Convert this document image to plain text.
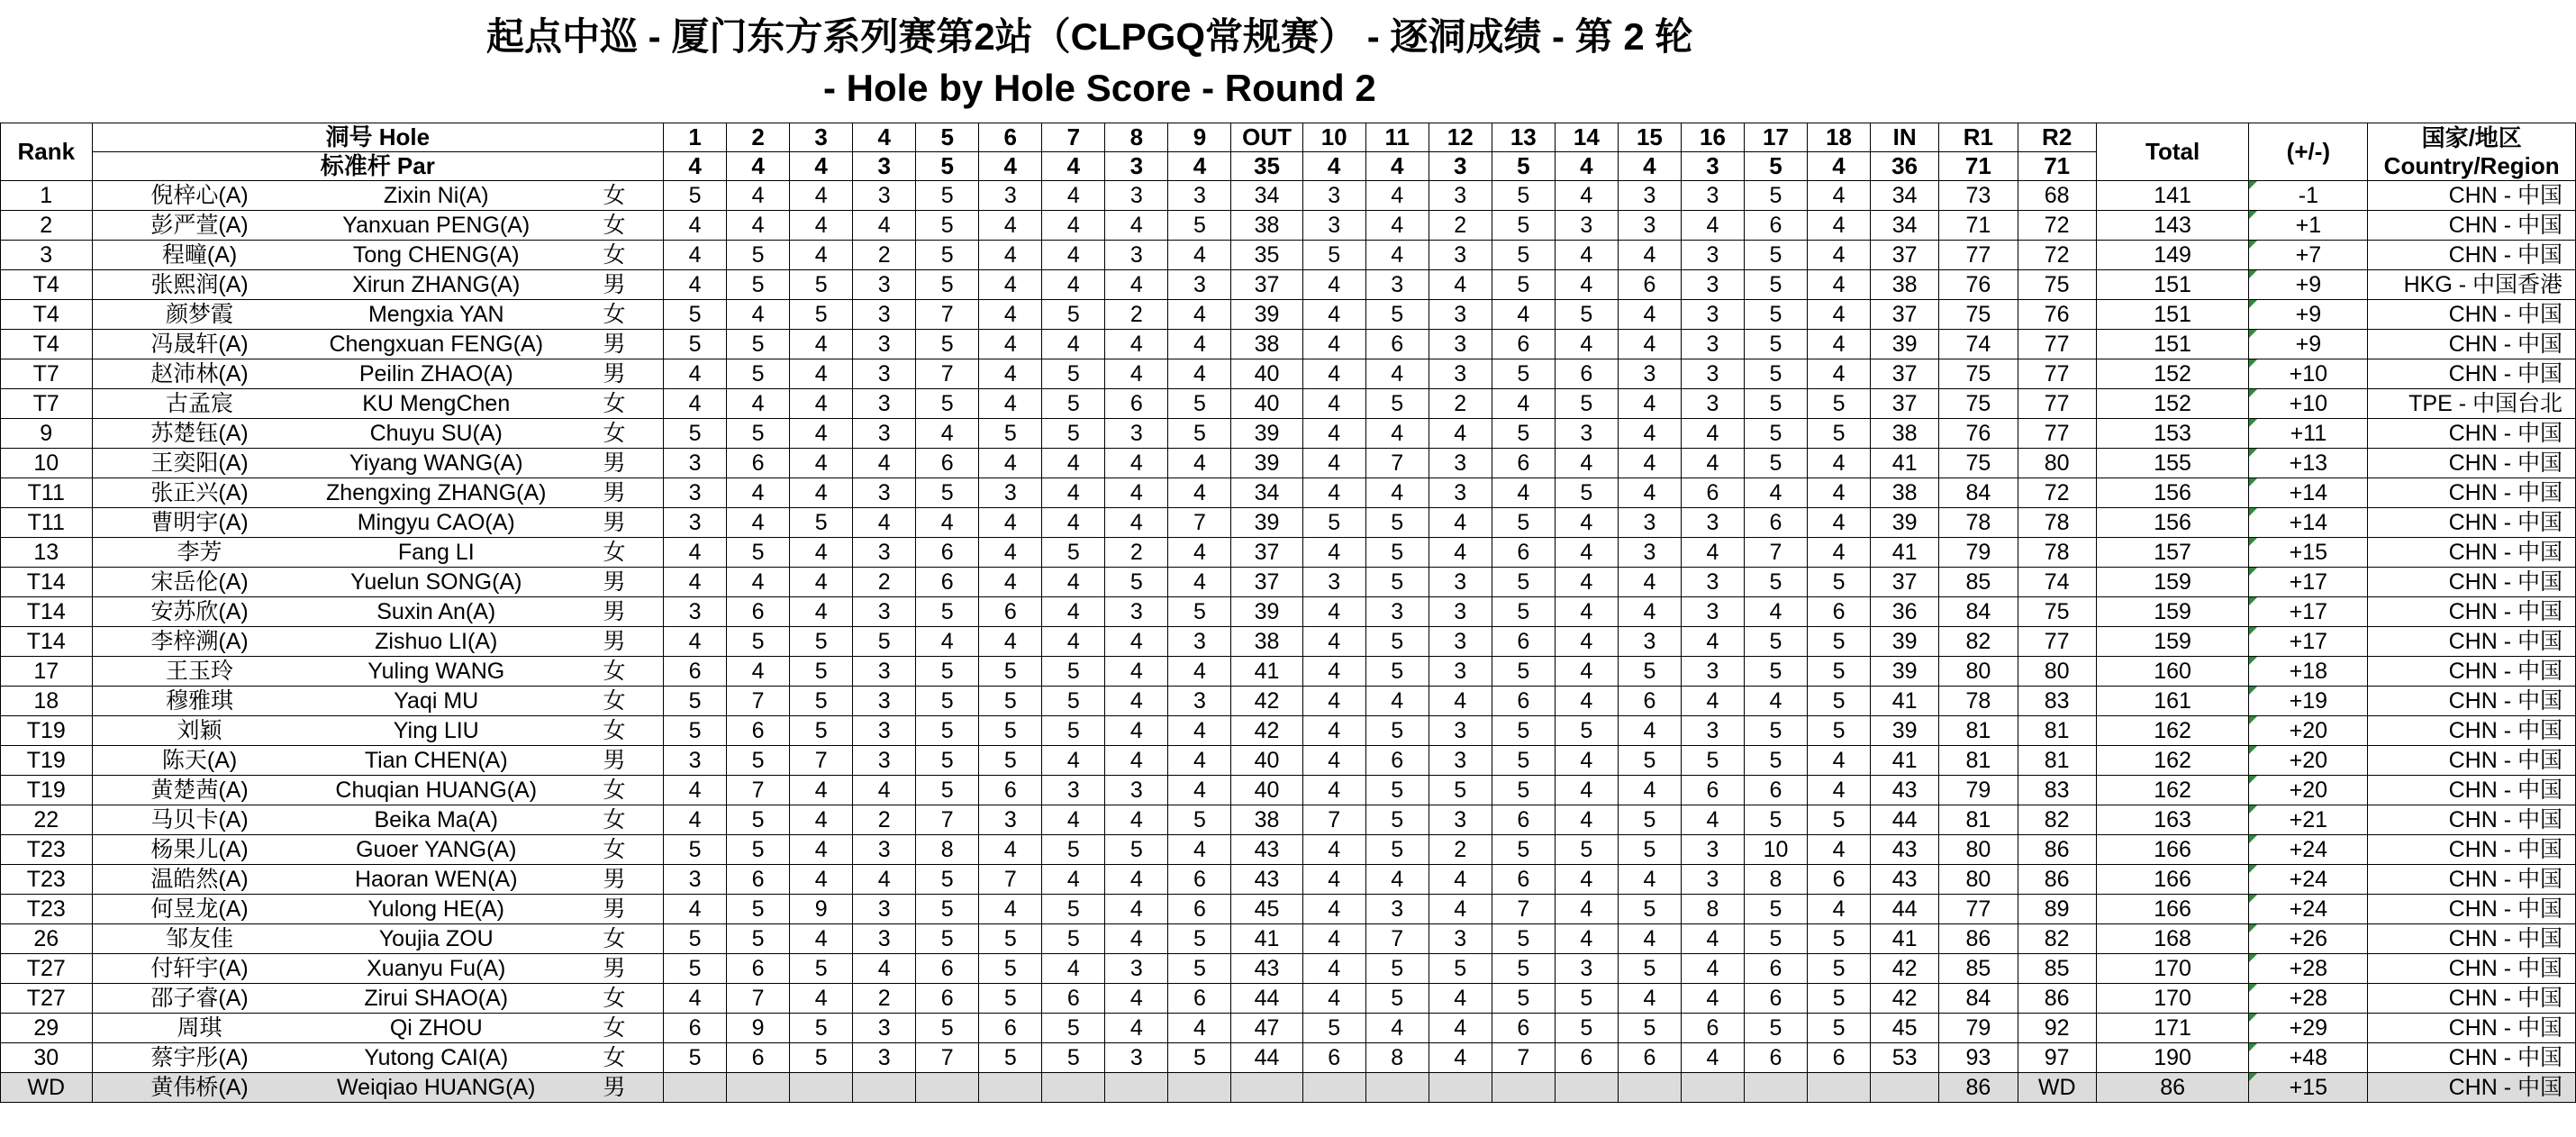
起点中巡 - 厦门东方系列赛第2站（CLPGQ常规赛） - 逐洞成绩 - 第 2 轮
- Hole by Hole Score - Round 2
Rank	洞号 Hole			1	2	3	4	5	6	7	8	9	OUT	10	11	12	13	14	15	16	17	18	IN	R1	R2	Total	(+/-)	国家/地区
Country/Region

	标准杆 Par			4	4	4	3	5	4	4	3	4	35	4	4	3	5	4	4	3	5	4	36	71	71			
1	倪梓心(A)	Zixin Ni(A)	女	5	4	4	3	5	3	4	3	3	34	3	4	3	5	4	3	3	5	4	34	73	68	141	-1	CHN - 中国
2	彭严萱(A)	Yanxuan PENG(A)	女	4	4	4	4	5	4	4	4	5	38	3	4	2	5	3	3	4	6	4	34	71	72	143	+1	CHN - 中国
3	程疃(A)	Tong CHENG(A)	女	4	5	4	2	5	4	4	3	4	35	5	4	3	5	4	4	3	5	4	37	77	72	149	+7	CHN - 中国
T4	张熙润(A)	Xirun ZHANG(A)	男	4	5	5	3	5	4	4	4	3	37	4	3	4	5	4	6	3	5	4	38	76	75	151	+9	HKG - 中国香港
T4	颜梦霞	Mengxia YAN	女	5	4	5	3	7	4	5	2	4	39	4	5	3	4	5	4	3	5	4	37	75	76	151	+9	CHN - 中国
T4	冯晟轩(A)	Chengxuan FENG(A)	男	5	5	4	3	5	4	4	4	4	38	4	6	3	6	4	4	3	5	4	39	74	77	151	+9	CHN - 中国
T7	赵沛林(A)	Peilin ZHAO(A)	男	4	5	4	3	7	4	5	4	4	40	4	4	3	5	6	3	3	5	4	37	75	77	152	+10	CHN - 中国
T7	古孟宸	KU MengChen	女	4	4	4	3	5	4	5	6	5	40	4	5	2	4	5	4	3	5	5	37	75	77	152	+10	TPE - 中国台北
9	苏楚钰(A)	Chuyu SU(A)	女	5	5	4	3	4	5	5	3	5	39	4	4	4	5	3	4	4	5	5	38	76	77	153	+11	CHN - 中国
10	王奕阳(A)	Yiyang WANG(A)	男	3	6	4	4	6	4	4	4	4	39	4	7	3	6	4	4	4	5	4	41	75	80	155	+13	CHN - 中国
T11	张正兴(A)	Zhengxing ZHANG(A)	男	3	4	4	3	5	3	4	4	4	34	4	4	3	4	5	4	6	4	4	38	84	72	156	+14	CHN - 中国
T11	曹明宇(A)	Mingyu CAO(A)	男	3	4	5	4	4	4	4	4	7	39	5	5	4	5	4	3	3	6	4	39	78	78	156	+14	CHN - 中国
13	李芳	Fang LI	女	4	5	4	3	6	4	5	2	4	37	4	5	4	6	4	3	4	7	4	41	79	78	157	+15	CHN - 中国
T14	宋岳伦(A)	Yuelun SONG(A)	男	4	4	4	2	6	4	4	5	4	37	3	5	3	5	4	4	3	5	5	37	85	74	159	+17	CHN - 中国
T14	安苏欣(A)	Suxin An(A)	男	3	6	4	3	5	6	4	3	5	39	4	3	3	5	4	4	3	4	6	36	84	75	159	+17	CHN - 中国
T14	李梓溯(A)	Zishuo LI(A)	男	4	5	5	5	4	4	4	4	3	38	4	5	3	6	4	3	4	5	5	39	82	77	159	+17	CHN - 中国
17	王玉玲	Yuling WANG	女	6	4	5	3	5	5	5	4	4	41	4	5	3	5	4	5	3	5	5	39	80	80	160	+18	CHN - 中国
18	穆雅琪	Yaqi MU	女	5	7	5	3	5	5	5	4	3	42	4	4	4	6	4	6	4	4	5	41	78	83	161	+19	CHN - 中国
T19	刘颖	Ying LIU	女	5	6	5	3	5	5	5	4	4	42	4	5	3	5	5	4	3	5	5	39	81	81	162	+20	CHN - 中国
T19	陈天(A)	Tian CHEN(A)	男	3	5	7	3	5	5	4	4	4	40	4	6	3	5	4	5	5	5	4	41	81	81	162	+20	CHN - 中国
T19	黄楚茜(A)	Chuqian HUANG(A)	女	4	7	4	4	5	6	3	3	4	40	4	5	5	5	4	4	6	6	4	43	79	83	162	+20	CHN - 中国
22	马贝卡(A)	Beika Ma(A)	女	4	5	4	2	7	3	4	4	5	38	7	5	3	6	4	5	4	5	5	44	81	82	163	+21	CHN - 中国
T23	杨果儿(A)	Guoer YANG(A)	女	5	5	4	3	8	4	5	5	4	43	4	5	2	5	5	5	3	10	4	43	80	86	166	+24	CHN - 中国
T23	温皓然(A)	Haoran WEN(A)	男	3	6	4	4	5	7	4	4	6	43	4	4	4	6	4	4	3	8	6	43	80	86	166	+24	CHN - 中国
T23	何昱龙(A)	Yulong HE(A)	男	4	5	9	3	5	4	5	4	6	45	4	3	4	7	4	5	8	5	4	44	77	89	166	+24	CHN - 中国
26	邹友佳	Youjia ZOU	女	5	5	4	3	5	5	5	4	5	41	4	7	3	5	4	4	4	5	5	41	86	82	168	+26	CHN - 中国
T27	付轩宇(A)	Xuanyu Fu(A)	男	5	6	5	4	6	5	4	3	5	43	4	5	5	5	3	5	4	6	5	42	85	85	170	+28	CHN - 中国
T27	邵子睿(A)	Zirui SHAO(A)	女	4	7	4	2	6	5	6	4	6	44	4	5	4	5	5	4	4	6	5	42	84	86	170	+28	CHN - 中国
29	周琪	Qi ZHOU	女	6	9	5	3	5	6	5	4	4	47	5	4	4	6	5	5	6	5	5	45	79	92	171	+29	CHN - 中国
30	蔡宇彤(A)	Yutong CAI(A)	女	5	6	5	3	7	5	5	3	5	44	6	8	4	7	6	6	4	6	6	53	93	97	190	+48	CHN - 中国
WD	黄伟桥(A)	Weiqiao HUANG(A)	男																					86	WD	86	+15	CHN - 中国
